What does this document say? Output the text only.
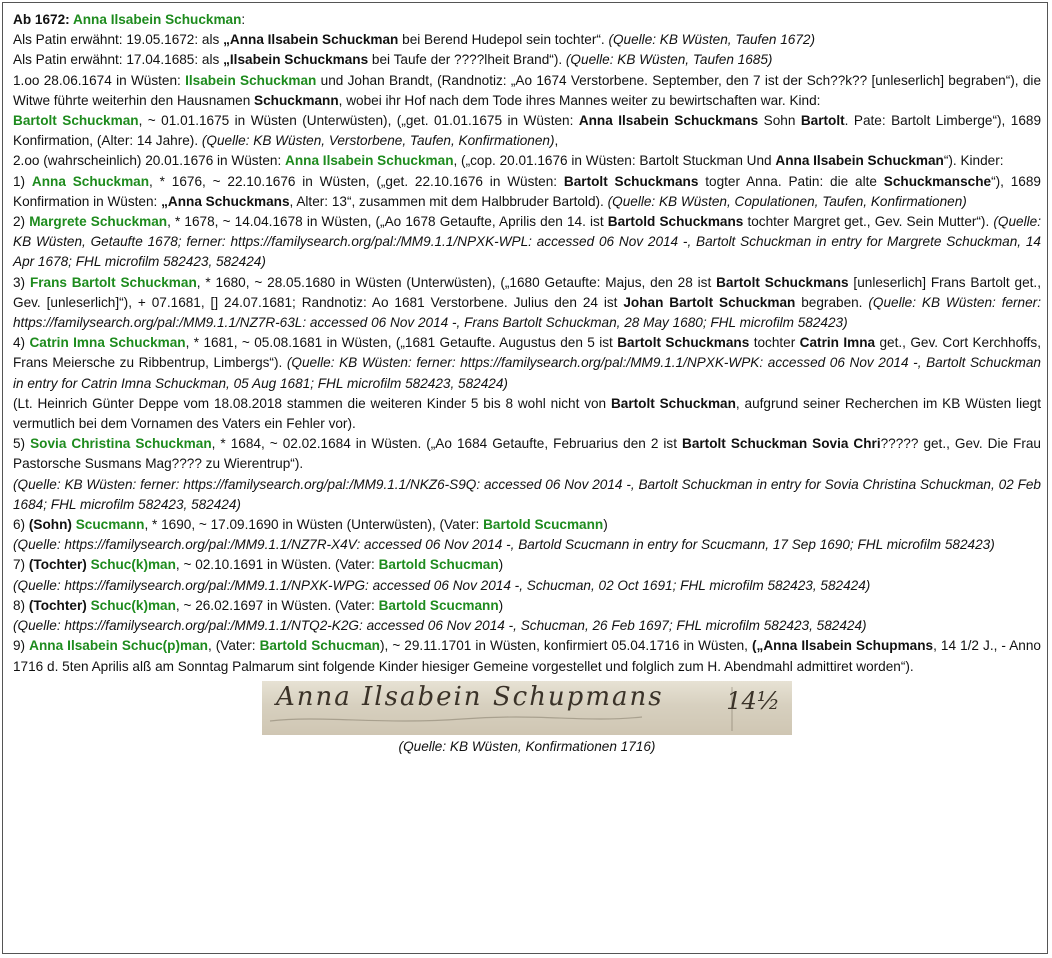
Ab 1672: Anna Ilsabein Schuckman:

Als Patin erwähnt: 19.05.1672: als „Anna Ilsabein Schuckman bei Berend Hudepol sein tochter“. (Quelle: KB Wüsten, Taufen 1672)

Als Patin erwähnt: 17.04.1685: als „Ilsabein Schuckmans bei Taufe der ????lheit Brand“). (Quelle: KB Wüsten, Taufen 1685)

1.oo 28.06.1674 in Wüsten: Ilsabein Schuckman und Johan Brandt, (Randnotiz: „Ao 1674 Verstorbene. September, den 7 ist der Sch??k?? [unleserlich] begraben“), die Witwe führte weiterhin den Hausnamen Schuckmann, wobei ihr Hof nach dem Tode ihres Mannes weiter zu bewirtschaften war. Kind:

Bartolt Schuckman, ~ 01.01.1675 in Wüsten (Unterwüsten), („get. 01.01.1675 in Wüsten: Anna Ilsabein Schuckmans Sohn Bartolt. Pate: Bartolt Limberge“), 1689 Konfirmation, (Alter: 14 Jahre). (Quelle: KB Wüsten, Verstorbene, Taufen, Konfirmationen),

2.oo (wahrscheinlich) 20.01.1676 in Wüsten: Anna Ilsabein Schuckman, („cop. 20.01.1676 in Wüsten: Bartolt Stuckman Und Anna Ilsabein Schuckman“). Kinder:

1) Anna Schuckman, * 1676, ~ 22.10.1676 in Wüsten, („get. 22.10.1676 in Wüsten: Bartolt Schuckmans togter Anna. Patin: die alte Schuckmansche“), 1689 Konfirmation in Wüsten: „Anna Schuckmans, Alter: 13“, zusammen mit dem Halbbruder Bartold). (Quelle: KB Wüsten, Copulationen, Taufen, Konfirmationen)

2) Margrete Schuckman, * 1678, ~ 14.04.1678 in Wüsten, („Ao 1678 Getaufte, Aprilis den 14. ist Bartold Schuckmans tochter Margret get., Gev. Sein Mutter“). (Quelle: KB Wüsten, Getaufte 1678; ferner: https://familysearch.org/pal:/MM9.1.1/NPXK-WPL: accessed 06 Nov 2014 -, Bartolt Schuckman in entry for Margrete Schuckman, 14 Apr 1678; FHL microfilm 582423, 582424)

3) Frans Bartolt Schuckman, * 1680, ~ 28.05.1680 in Wüsten (Unterwüsten), („1680 Getaufte: Majus, den 28 ist Bartolt Schuckmans [unleserlich] Frans Bartolt get., Gev. [unleserlich]“), + 07.1681, [] 24.07.1681; Randnotiz: Ao 1681 Verstorbene. Julius den 24 ist Johan Bartolt Schuckman begraben. (Quelle: KB Wüsten: ferner: https://familysearch.org/pal:/MM9.1.1/NZ7R-63L: accessed 06 Nov 2014 -, Frans Bartolt Schuckman, 28 May 1680; FHL microfilm 582423)

4) Catrin Imna Schuckman, * 1681, ~ 05.08.1681 in Wüsten, („1681 Getaufte. Augustus den 5 ist Bartolt Schuckmans tochter Catrin Imna get., Gev. Cort Kerchhoffs, Frans Meiersche zu Ribbentrup, Limbergs“). (Quelle: KB Wüsten: ferner: https://familysearch.org/pal:/MM9.1.1/NPXK-WPK: accessed 06 Nov 2014 -, Bartolt Schuckman in entry for Catrin Imna Schuckman, 05 Aug 1681; FHL microfilm 582423, 582424)

(Lt. Heinrich Günter Deppe vom 18.08.2018 stammen die weiteren Kinder 5 bis 8 wohl nicht von Bartolt Schuckman, aufgrund seiner Recherchen im KB Wüsten liegt vermutlich bei dem Vornamen des Vaters ein Fehler vor).

5) Sovia Christina Schuckman, * 1684, ~ 02.02.1684 in Wüsten. („Ao 1684 Getaufte, Februarius den 2 ist Bartolt Schuckman Sovia Chri????? get., Gev. Die Frau Pastorsche Susmans Mag???? zu Wierentrup“).

(Quelle: KB Wüsten: ferner: https://familysearch.org/pal:/MM9.1.1/NKZ6-S9Q: accessed 06 Nov 2014 -, Bartolt Schuckman in entry for Sovia Christina Schuckman, 02 Feb 1684; FHL microfilm 582423, 582424)

6) (Sohn) Scucmann, * 1690, ~ 17.09.1690 in Wüsten (Unterwüsten), (Vater: Bartold Scucmann)

(Quelle: https://familysearch.org/pal:/MM9.1.1/NZ7R-X4V: accessed 06 Nov 2014 -, Bartold Scucmann in entry for Scucmann, 17 Sep 1690; FHL microfilm 582423)

7) (Tochter) Schuc(k)man, ~ 02.10.1691 in Wüsten. (Vater: Bartold Schucman)

(Quelle: https://familysearch.org/pal:/MM9.1.1/NPXK-WPG: accessed 06 Nov 2014 -, Schucman, 02 Oct 1691; FHL microfilm 582423, 582424)

8) (Tochter) Schuc(k)man, ~ 26.02.1697 in Wüsten. (Vater: Bartold Scucmann)

(Quelle: https://familysearch.org/pal:/MM9.1.1/NTQ2-K2G: accessed 06 Nov 2014 -, Schucman, 26 Feb 1697; FHL microfilm 582423, 582424)

9) Anna Ilsabein Schuc(p)man, (Vater: Bartold Schucman), ~ 29.11.1701 in Wüsten, konfirmiert 05.04.1716 in Wüsten, („Anna Ilsabein Schupmans, 14 1/2 J., - Anno 1716 d. 5ten Aprilis alß am Sonntag Palmarum sint folgende Kinder hiesiger Gemeine vorgestellet und folglich zum H. Abendmahl admittiret worden“).

Anna Ilsabein Schupmans	14½
(Quelle: KB Wüsten, Konfirmationen 1716)
